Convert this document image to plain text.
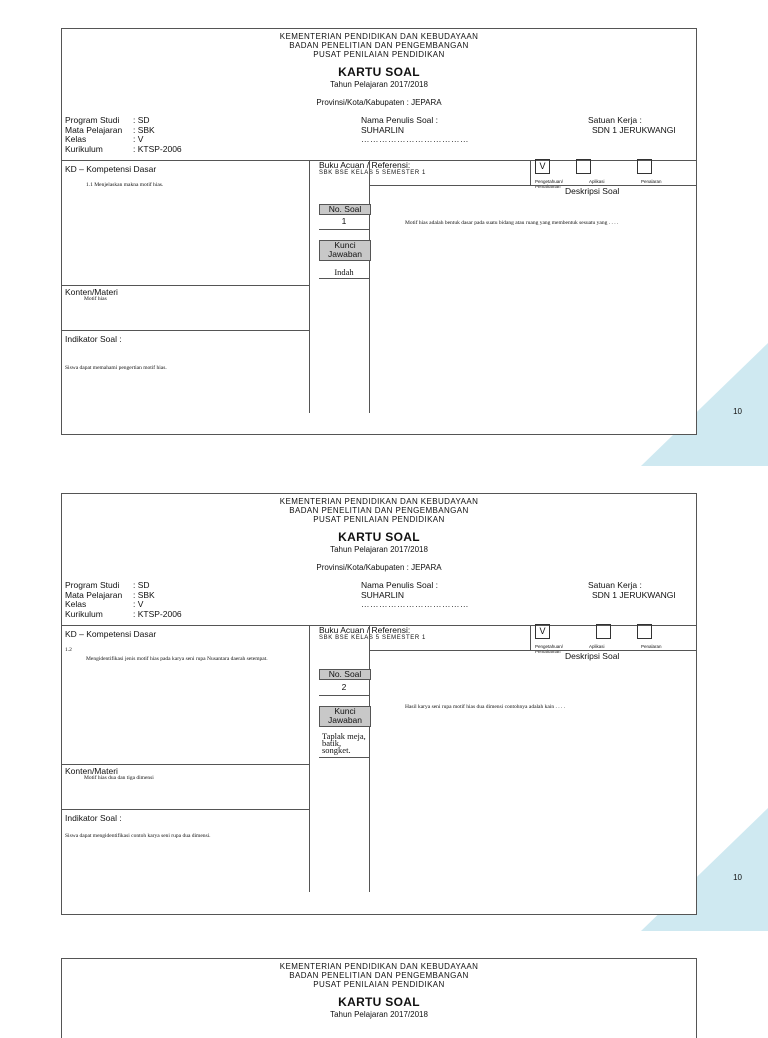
10
10
KEMENTERIAN PENDIDIKAN DAN KEBUDAYAAN
BADAN PENELITIAN DAN PENGEMBANGAN
PUSAT PENILAIAN PENDIDIKAN
KARTU SOAL
Tahun Pelajaran 2017/2018
Provinsi/Kota/Kabupaten : JEPARA
Program Studi	: SD
Mata Pelajaran	: SBK
Kelas	: V
Kurikulum	: KTSP-2006
Nama Penulis Soal :
SUHARLIN
………………………………
Satuan Kerja :
SDN 1 JERUKWANGI
KD – Kompetensi Dasar
1.1 Menjelaskan makna motif hias.
Konten/Materi
Motif hias
Indikator Soal :
Siswa dapat memahami pengertian motif hias.
Buku Acuan / Referensi:
SBK BSE KELAS 5 SEMESTER 1
V
Pengetahuan/ Pemahaman
Aplikasi	Penalaran
Deskripsi Soal
No. Soal
1
Kunci Jawaban
Indah
Motif hias adalah bentuk dasar pada suatu bidang atau ruang yang membentuk sesuatu yang . . . .
KEMENTERIAN PENDIDIKAN DAN KEBUDAYAAN
BADAN PENELITIAN DAN PENGEMBANGAN
PUSAT PENILAIAN PENDIDIKAN
KARTU SOAL
Tahun Pelajaran 2017/2018
Provinsi/Kota/Kabupaten : JEPARA
Program Studi	: SD
Mata Pelajaran	: SBK
Kelas	: V
Kurikulum	: KTSP-2006
Nama Penulis Soal :
SUHARLIN
………………………………
Satuan Kerja :
SDN 1 JERUKWANGI
KD – Kompetensi Dasar
1.2
Mengidentifikasi jenis motif hias pada karya seni rupa Nusantara daerah setempat.
Konten/Materi
Motif hias dua dan tiga dimensi
Indikator Soal :
Siswa dapat mengidentifikasi contoh karya seni rupa dua dimensi.
Buku Acuan / Referensi:
SBK BSE KELAS 5 SEMESTER 1
V
Pengetahuan/ Pemahaman
Aplikasi	Penalaran
Deskripsi Soal
No. Soal
2
Kunci Jawaban
Taplak meja, batik, songket.
Hasil karya seni rupa motif hias dua dimensi contohnya adalah kain . . . .
KEMENTERIAN PENDIDIKAN DAN KEBUDAYAAN
BADAN PENELITIAN DAN PENGEMBANGAN
PUSAT PENILAIAN PENDIDIKAN
KARTU SOAL
Tahun Pelajaran 2017/2018
